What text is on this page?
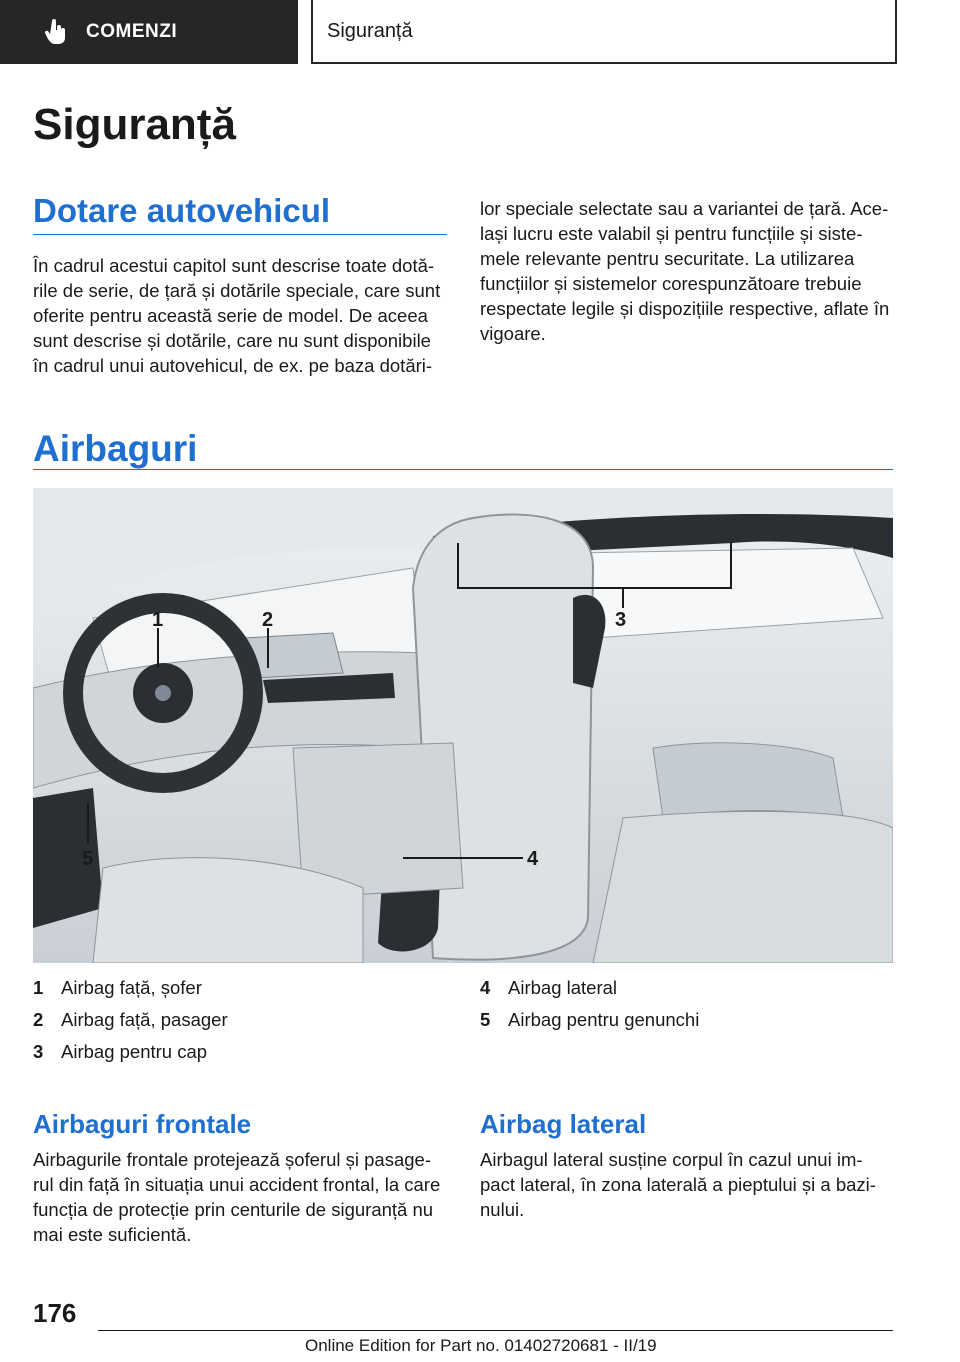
COMENZI	Siguranță
Siguranță
Dotare autovehicul

În cadrul acestui capitol sunt descrise toate dotă-rile de serie, de țară și dotările speciale, care sunt oferite pentru această serie de model. De aceea sunt descrise și dotările, care nu sunt disponibile în cadrul unui autovehicul, de ex. pe baza dotări-

lor speciale selectate sau a variantei de țară. Ace-lași lucru este valabil și pentru funcțiile și siste-mele relevante pentru securitate. La utilizarea funcțiilor și sistemelor corespunzătoare trebuie respectate legile și dispozițiile respective, aflate în vigoare.

Airbaguri
1	2	3
4
5
1 Airbag față, șofer
2 Airbag față, pasager
3 Airbag pentru cap
4 Airbag lateral
5 Airbag pentru genunchi
Airbaguri frontale

Airbagurile frontale protejează șoferul și pasage-rul din față în situația unui accident frontal, la care funcția de protecție prin centurile de siguranță nu mai este suficientă.

Airbag lateral

Airbagul lateral susține corpul în cazul unui im-pact lateral, în zona laterală a pieptului și a bazi-nului.

176
Online Edition for Part no. 01402720681 - II/19
